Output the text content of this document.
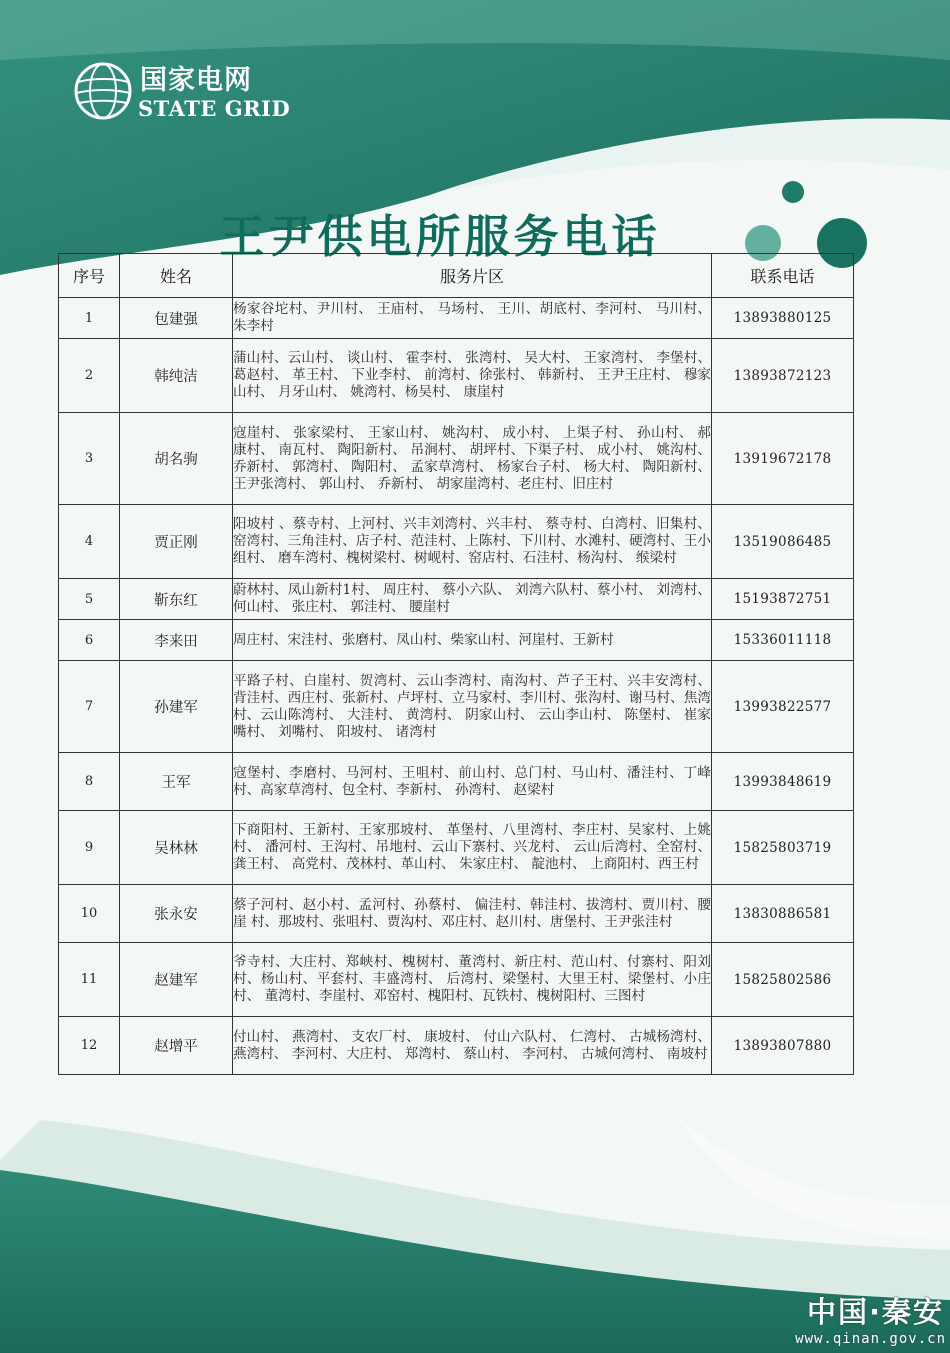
国家电网
STATE GRID
王尹供电所服务电话
序号	姓名	服务片区	联系电话
1	包建强	杨家谷坨村、尹川村、 王庙村、 马场村、 王川、胡底村、李河村、 马川村、朱李村	13893880125
2	韩纯洁	蒲山村、云山村、 谈山村、 霍李村、 张湾村、 吴大村、 王家湾村、 李堡村、 葛赵村、 革王村、 下业李村、 前湾村、徐张村、 韩新村、 王尹王庄村、 穆家山村、 月牙山村、 姚湾村、杨吴村、 康崖村	13893872123
3	胡名驹	寇崖村、 张家梁村、 王家山村、 姚沟村、 成小村、 上渠子村、 孙山村、 郝康村、 南瓦村、 陶阳新村、 吊涧村、 胡坪村、下渠子村、 成小村、 姚沟村、 乔新村、 郭湾村、 陶阳村、 孟家草湾村、 杨家台子村、 杨大村、 陶阳新村、 王尹张湾村、 郭山村、 乔新村、 胡家崖湾村、老庄村、旧庄村	13919672178
4	贾正刚	阳坡村 、蔡寺村、上河村、兴丰刘湾村、兴丰村、 蔡寺村、白湾村、旧集村、窑湾村、三角洼村、店子村、范洼村、上陈村、下川村、水滩村、硬湾村、王小组村、 磨车湾村、槐树梁村、树岘村、窑店村、石洼村、杨沟村、 缑梁村	13519086485
5	靳东红	蔚林村、凤山新村1村、 周庄村、 蔡小六队、 刘湾六队村、蔡小村、 刘湾村、 何山村、 张庄村、 郭洼村、 腰崖村	15193872751
6	李来田	周庄村、宋洼村、张磨村、凤山村、柴家山村、河崖村、王新村	15336011118
7	孙建军	平路子村、白崖村、贺湾村、云山李湾村、南沟村、芦子王村、兴丰安湾村、 背洼村、西庄村、张新村、卢坪村、立马家村、李川村、张沟村、谢马村、焦湾村、云山陈湾村、 大洼村、 黄湾村、 阴家山村、 云山李山村、 陈堡村、 崔家嘴村、 刘嘴村、 阳坡村、 诸湾村	13993822577
8	王军	寇堡村、李磨村、马河村、王咀村、前山村、总门村、马山村、潘洼村、丁峰村、高家草湾村、包全村、李新村、 孙湾村、 赵梁村	13993848619
9	吴林林	下商阳村、王新村、王家那坡村、 革堡村、八里湾村、李庄村、吴家村、上姚村、 潘河村、王沟村、吊地村、云山下寨村、兴龙村、 云山后湾村、全窑村、 龚王村、 高党村、茂林村、革山村、 朱家庄村、 靛池村、 上商阳村、西王村	15825803719
10	张永安	蔡子河村、赵小村、孟河村、孙蔡村、 偏洼村、韩洼村、拔湾村、贾川村、腰崖 村、那坡村、张咀村、贾沟村、邓庄村、赵川村、唐堡村、王尹张洼村	13830886581
11	赵建军	爷寺村、大庄村、郑峡村、槐树村、董湾村、新庄村、范山村、付寨村、阳刘村、杨山村、平套村、丰盛湾村、 后湾村、梁堡村、大里王村、梁堡村、小庄村、 董湾村、李崖村、邓窑村、槐阳村、瓦铁村、槐树阳村、三图村	15825802586
12	赵增平	付山村、 燕湾村、 支农厂村、 康坡村、 付山六队村、 仁湾村、 古城杨湾村、 燕湾村、 李河村、大庄村、 郑湾村、 蔡山村、 李河村、 古城何湾村、 南坡村	13893807880
中国·秦安
www.qinan.gov.cn
